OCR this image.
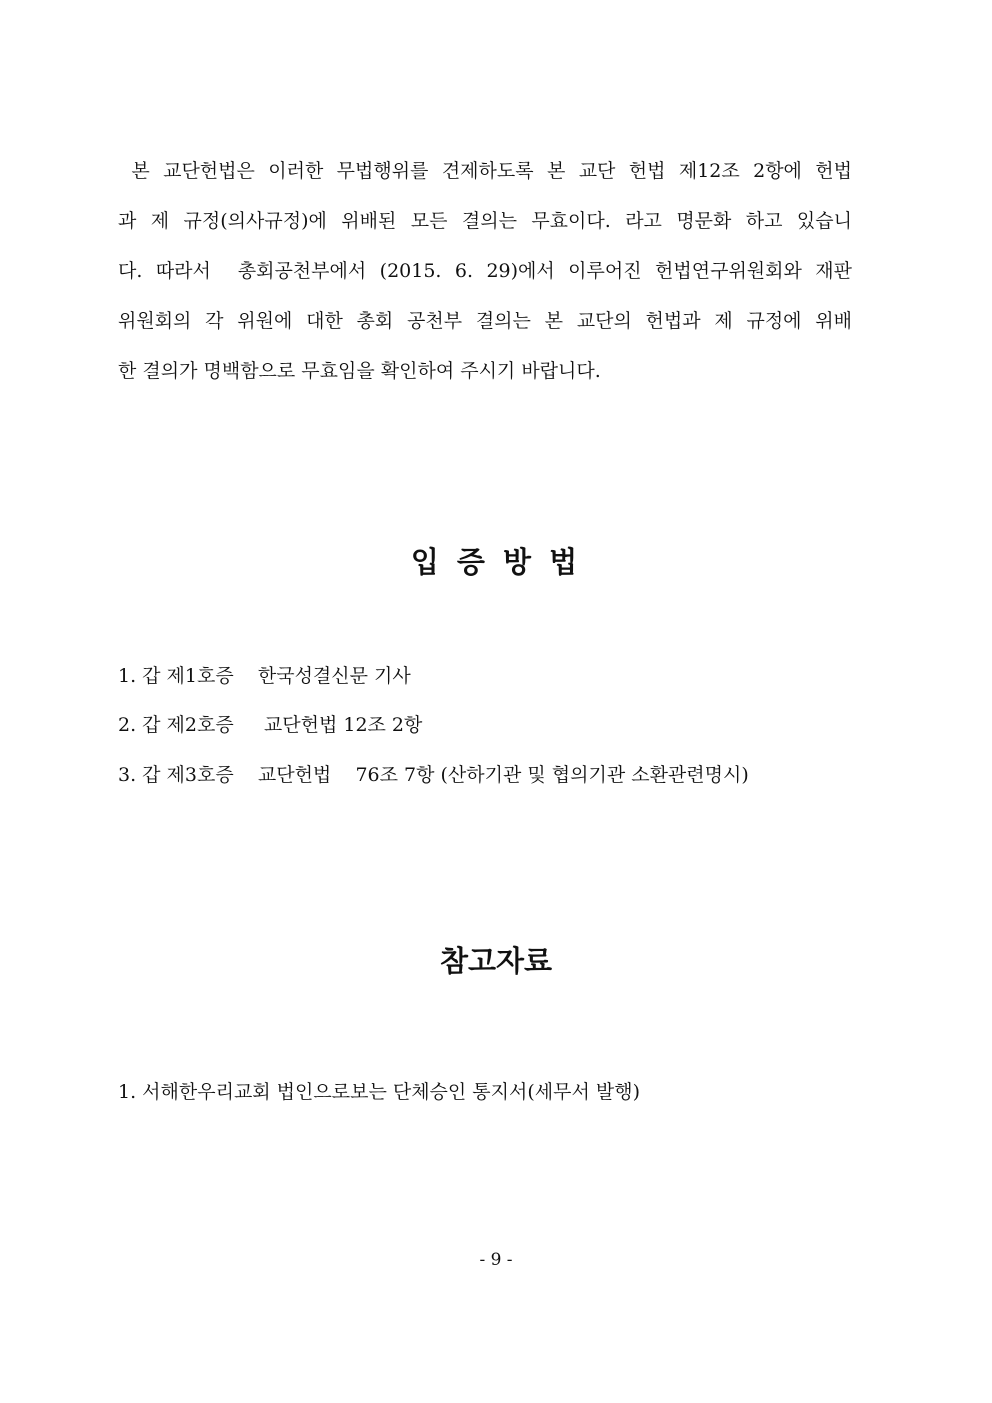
본 교단헌법은 이러한 무법행위를 견제하도록 본 교단 헌법 제12조 2항에 헌법
과 제 규정(의사규정)에 위배된 모든 결의는 무효이다. 라고 명문화 하고 있습니
다. 따라서  총회공천부에서 (2015. 6. 29)에서 이루어진 헌법연구위원회와 재판
위원회의 각 위원에 대한 총회 공천부 결의는 본 교단의 헌법과 제 규정에 위배
한 결의가 명백함으로 무효임을 확인하여 주시기 바랍니다.
입 증 방 법
1. 갑 제1호증    한국성결신문 기사
2. 갑 제2호증     교단헌법 12조 2항
3. 갑 제3호증    교단헌법    76조 7항 (산하기관 및 협의기관 소환관련명시)
참고자료
1. 서해한우리교회 법인으로보는 단체승인 통지서(세무서 발행)
- 9 -
